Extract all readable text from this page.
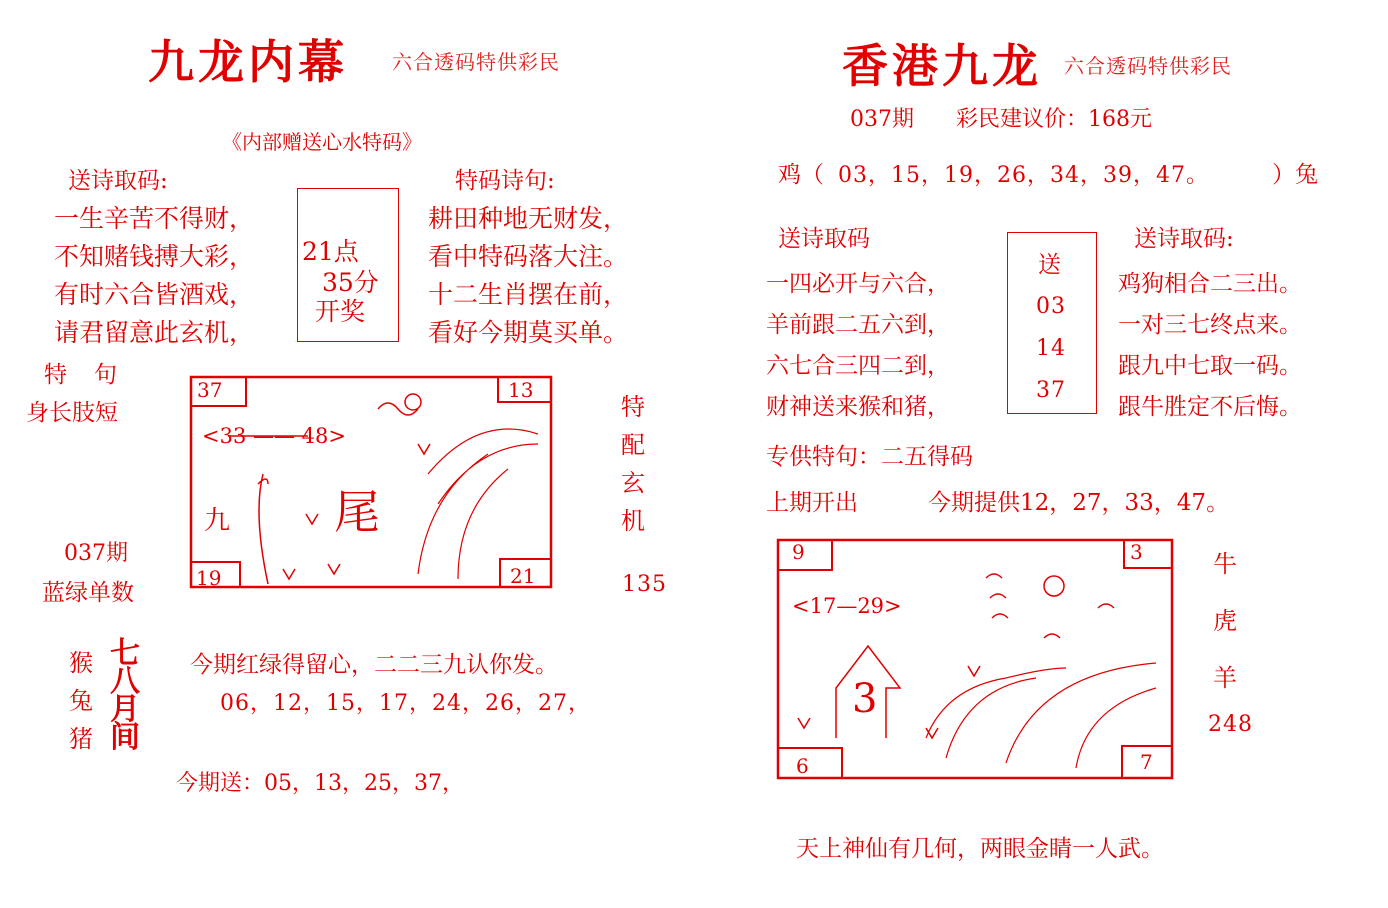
九龙内幕 六合透码特供彩民
《内部赠送心水特码》
送诗取码:	特码诗句:
一生辛苦不得财，
不知赌钱搏大彩，
有时六合皆酒戏，
请君留意此玄机，
21点
35分
开奖
耕田种地无财发，
看中特码落大注。
十二生肖摆在前，
看好今期莫买单。
特　句
身长肢短
37	13
19	21
<33 —— 48>
九 尾
特配玄机
135
037期
蓝绿单数
猴兔猪
七八月间
今期红绿得留心，二二三九认你发。
06，12，15，17，24，26，27，
今期送：05，13，25，37，
香港九龙 六合透码特供彩民
037期 彩民建议价：168元
鸡（ 03，15，19，26，34，39，47。	）兔
送诗取码	送诗取码:
一四必开与六合，
羊前跟二五六到，
六七合三四二到，
财神送来猴和猪，
送
03
14
37
鸡狗相合二三出。
一对三七终点来。
跟九中七取一码。
跟牛胜定不后悔。
专供特句：二五得码
上期开出	今期提供12，27，33，47。
9	3
6	7
<17—29>
3
牛虎羊
248
天上神仙有几何，两眼金睛一人武。
